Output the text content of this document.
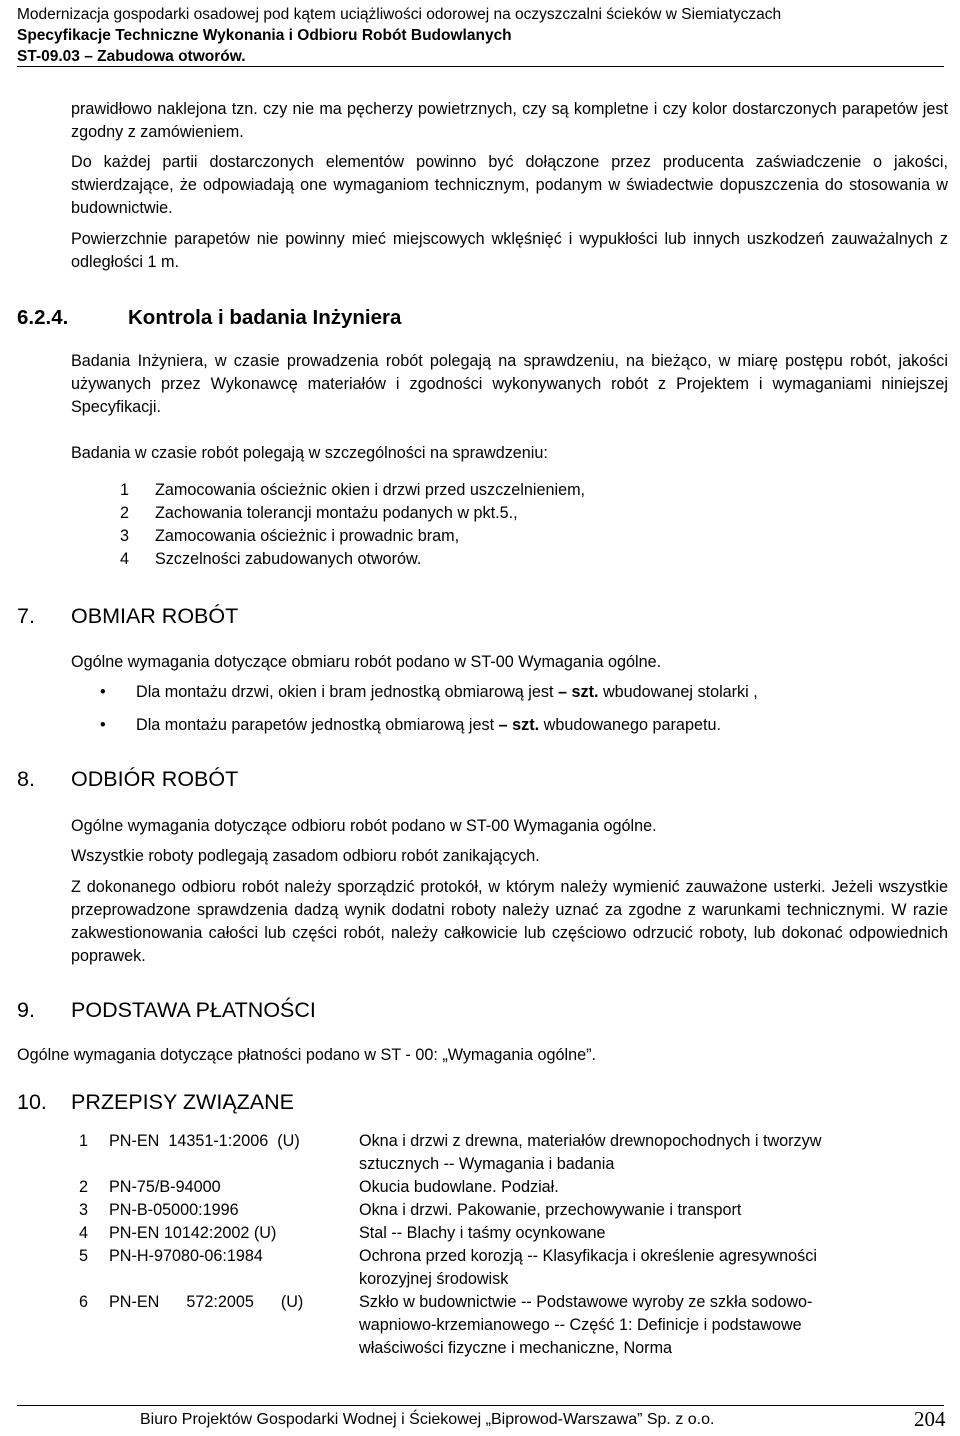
Modernizacja gospodarki osadowej pod kątem uciążliwości odorowej na oczyszczalni ścieków w Siemiatyczach
Specyfikacje Techniczne Wykonania i Odbioru Robót Budowlanych
ST-09.03 – Zabudowa otworów.
prawidłowo naklejona tzn. czy nie ma pęcherzy powietrznych, czy są kompletne i czy kolor dostarczonych parapetów jest zgodny z zamówieniem.
Do każdej partii dostarczonych elementów powinno być dołączone przez producenta zaświadczenie o jakości, stwierdzające, że odpowiadają one wymaganiom technicznym, podanym w świadectwie dopuszczenia do stosowania w budownictwie.
Powierzchnie parapetów nie powinny mieć miejscowych wklęśnięć i wypukłości lub innych uszkodzeń zauważalnych z odległości 1 m.
6.2.4.	Kontrola i badania Inżyniera
Badania Inżyniera, w czasie prowadzenia robót polegają na sprawdzeniu, na bieżąco, w miarę postępu robót, jakości używanych przez Wykonawcę materiałów i zgodności wykonywanych robót z Projektem i wymaganiami niniejszej Specyfikacji.
Badania w czasie robót polegają w szczególności na sprawdzeniu:
1 Zamocowania ościeżnic okien i drzwi przed uszczelnieniem,
2 Zachowania tolerancji montażu podanych w pkt.5.,
3 Zamocowania ościeżnic i prowadnic bram,
4 Szczelności zabudowanych otworów.
7. OBMIAR ROBÓT
Ogólne wymagania dotyczące obmiaru robót podano w ST-00 Wymagania ogólne.
• Dla montażu drzwi, okien i bram jednostką obmiarową jest – szt. wbudowanej stolarki ,
• Dla montażu parapetów jednostką obmiarową jest – szt. wbudowanego parapetu.
8. ODBIÓR ROBÓT
Ogólne wymagania dotyczące odbioru robót podano w ST-00 Wymagania ogólne.
Wszystkie roboty podlegają zasadom odbioru robót zanikających.
Z dokonanego odbioru robót należy sporządzić protokół, w którym należy wymienić zauważone usterki. Jeżeli wszystkie przeprowadzone sprawdzenia dadzą wynik dodatni roboty należy uznać za zgodne z warunkami technicznymi. W razie zakwestionowania całości lub części robót, należy całkowicie lub częściowo odrzucić roboty, lub dokonać odpowiednich poprawek.
9. PODSTAWA PŁATNOŚCI
Ogólne wymagania dotyczące płatności podano w ST - 00: „Wymagania ogólne”.
10. PRZEPISY ZWIĄZANE
1 PN-EN  14351-1:2006  (U)	Okna i drzwi z drewna, materiałów drewnopochodnych i tworzyw sztucznych -- Wymagania i badania
2 PN-75/B-94000	Okucia budowlane. Podział.
3 PN-B-05000:1996	Okna i drzwi. Pakowanie, przechowywanie i transport
4 PN-EN 10142:2002 (U)	Stal -- Blachy i taśmy ocynkowane
5 PN-H-97080-06:1984	Ochrona przed korozją -- Klasyfikacja i określenie agresywności korozyjnej środowisk
6 PN-EN      572:2005      (U)	Szkło w budownictwie -- Podstawowe wyroby ze szkła sodowo-wapniowo-krzemianowego -- Część 1: Definicje i podstawowe właściwości fizyczne i mechaniczne, Norma
Biuro Projektów Gospodarki Wodnej i Ściekowej „Biprowod-Warszawa” Sp. z o.o.	204
